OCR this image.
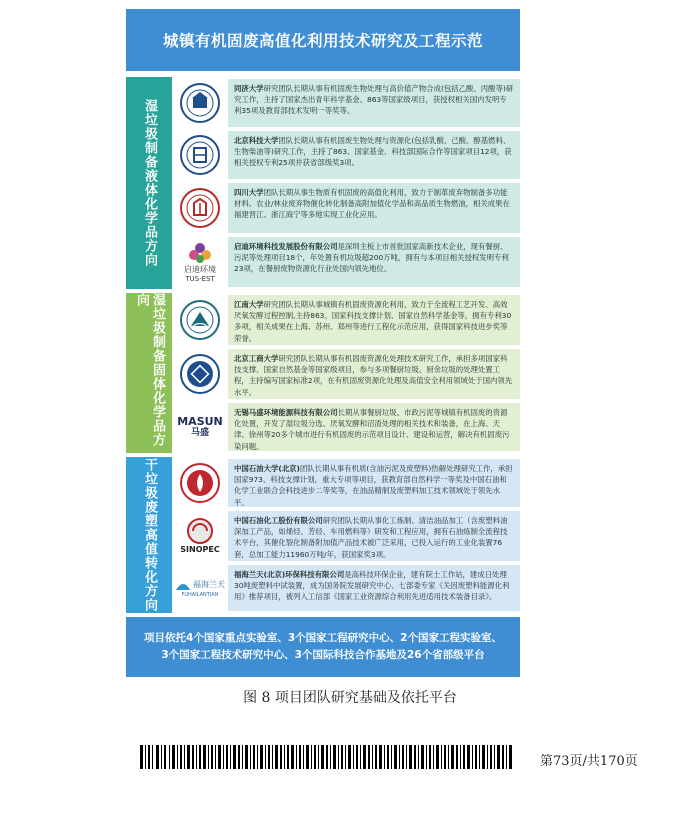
城镇有机固废高值化利用技术研究及工程示范
湿垃圾制备液体化学品方向
同济大学研究团队长期从事有机固废生物处理与高价值产物合成(包括乙酸、丙酸等)研究工作，主持了国家杰出青年科学基金、863等国家级项目，获授权相关国内发明专利35项及教育部技术发明一等奖等。
北京科技大学团队长期从事有机固废生物处理与资源化(包括乳酸、己酸、醇基燃料、生物柴油等)研究工作，主持了863、国家基金、科技部国际合作等国家项目12项，获相关授权专利25项并获省部级奖3项。
四川大学团队长期从事生物质有机固废的高值化利用，致力于制革废弃物制备多功能材料、农业/林业废弃物催化转化制备高附加值化学品和高品质生物燃油，相关成果在福建晋江、浙江海宁等多地实现工业化应用。
启迪环境
TUS-EST
启迪环境科技发展股份有限公司是深圳主板上市首批国家高新技术企业，现有餐厨、污泥等处理项目18个，年处置有机垃圾超200万吨，拥有与本项目相关授权发明专利23项，在餐厨废物资源化行业处国内领先地位。
湿垃圾制备固体化学品方向	江南大学研究团队长期从事城镇有机固废资源化利用，致力于全流程工艺开发、高效厌氧发酵过程控制,主持863、国家科技支撑计划、国家自然科学基金等，拥有专利30多项，相关成果在上海、苏州、郑州等进行工程化示范应用，获得国家科技进步奖等荣誉。
北京工商大学研究团队长期从事有机固废资源化处理技术研究工作，承担多项国家科技支撑、国家自然基金等国家级项目，参与多项餐厨垃圾、厨余垃圾的处理处置工程，主持编写国家标准2项，在有机固废资源化处理及高值安全利用领域处于国内领先水平。
MASUN
马盛
无锡马盛环境能源科技有限公司长期从事餐厨垃圾、市政污泥等城镇有机固废的资源化处置，开发了湿垃圾分选、厌氧发酵和沼渣处理的相关技术和装备，在上海、天津、徐州等20多个城市进行有机固废的示范项目设计、建设和运营，解决有机固废污染问题。
干垃圾废塑高值转化方向	中国石油大学(北京)团队长期从事有机质(含油污泥及废塑料)热解处理研究工作，承担国家973、科技支撑计划，重大专项等项目，获教育部自然科学一等奖及中国石油和化学工业联合会科技进步二等奖等，在油品精制及废塑料加工技术领域处于领先水平。
SINOPEC
中国石油化工股份有限公司研究团队长期从事化工炼制、清洁油品加工（含废塑料油深加工产品，如烯烃、芳烃、车用燃料等）研发和工程应用，拥有石油炼制全流程技术平台，其催化裂化制备附加值产品技术被广泛采用，已投入运行的工业化装置76套，总加工能力11960万吨/年，获国家奖3项。
福海兰天
FUHAILANTIAN
福海兰天(北京)环保科技有限公司是高科技环保企业，建有院士工作站，建成日处理30吨废塑料中试装置，成为国务院发展研究中心、七部委专家《关因废塑料能源化利用》推荐项目，被列入工信部《国家工业资源综合利用先进适用技术装备目录》。
项目依托4个国家重点实验室、3个国家工程研究中心、2个国家工程实验室、
3个国家工程技术研究中心、3个国际科技合作基地及26个省部级平台
图 8 项目团队研究基础及依托平台
第73页/共170页
